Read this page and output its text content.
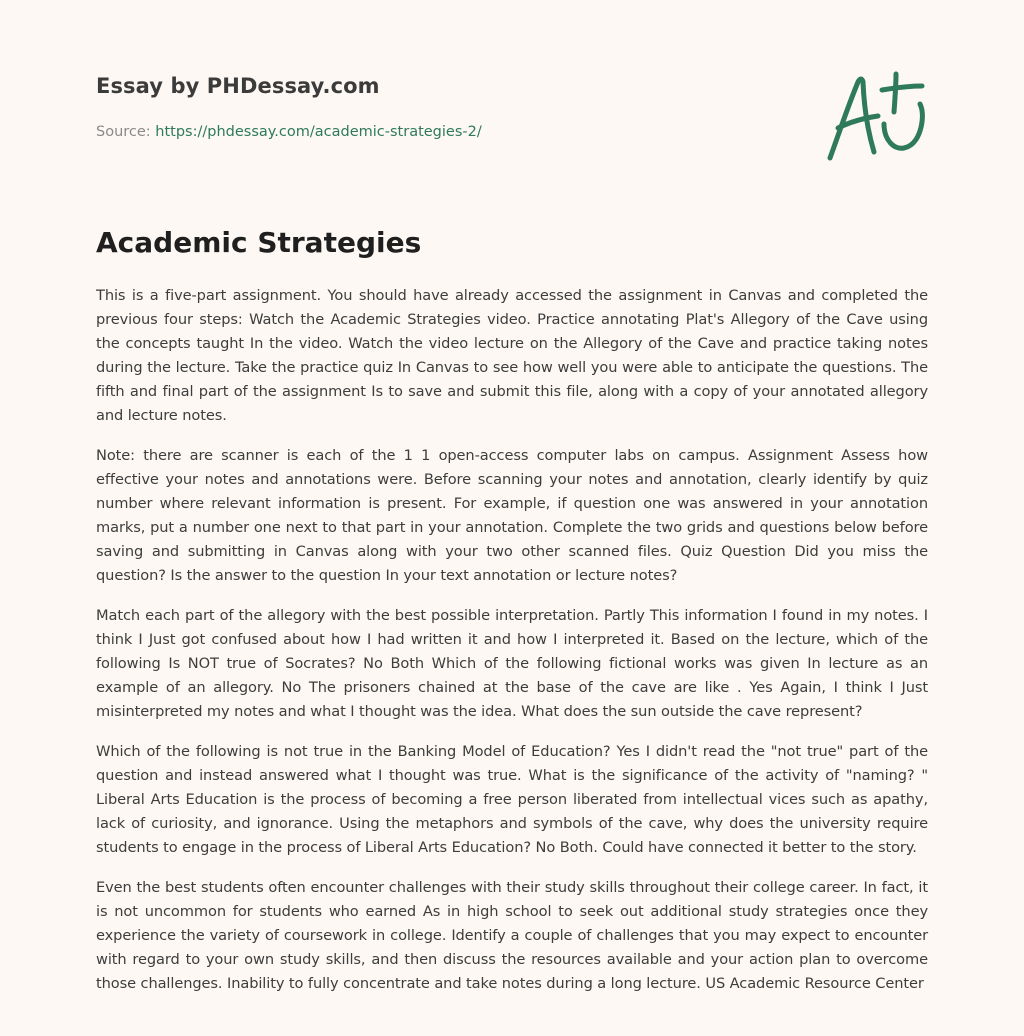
Essay by PHDessay.com

Source: https://phdessay.com/academic-strategies-2/

Academic Strategies

This is a five-part assignment. You should have already accessed the assignment in Canvas and completed the previous four steps: Watch the Academic Strategies video. Practice annotating Plat's Allegory of the Cave using the concepts taught In the video. Watch the video lecture on the Allegory of the Cave and practice taking notes during the lecture. Take the practice quiz In Canvas to see how well you were able to anticipate the questions. The fifth and final part of the assignment Is to save and submit this file, along with a copy of your annotated allegory and lecture notes.

Note: there are scanner is each of the 1 1 open-access computer labs on campus. Assignment Assess how effective your notes and annotations were. Before scanning your notes and annotation, clearly identify by quiz number where relevant information is present. For example, if question one was answered in your annotation marks, put a number one next to that part in your annotation. Complete the two grids and questions below before saving and submitting in Canvas along with your two other scanned files. Quiz Question Did you miss the question? Is the answer to the question In your text annotation or lecture notes?

Match each part of the allegory with the best possible interpretation. Partly This information I found in my notes. I think I Just got confused about how I had written it and how I interpreted it. Based on the lecture, which of the following Is NOT true of Socrates? No Both Which of the following fictional works was given In lecture as an example of an allegory. No The prisoners chained at the base of the cave are like . Yes Again, I think I Just misinterpreted my notes and what I thought was the idea. What does the sun outside the cave represent?

Which of the following is not true in the Banking Model of Education? Yes I didn't read the "not true" part of the question and instead answered what I thought was true. What is the significance of the activity of "naming? " Liberal Arts Education is the process of becoming a free person liberated from intellectual vices such as apathy, lack of curiosity, and ignorance. Using the metaphors and symbols of the cave, why does the university require students to engage in the process of Liberal Arts Education? No Both. Could have connected it better to the story.

Even the best students often encounter challenges with their study skills throughout their college career. In fact, it is not uncommon for students who earned As in high school to seek out additional study strategies once they experience the variety of coursework in college. Identify a couple of challenges that you may expect to encounter with regard to your own study skills, and then discuss the resources available and your action plan to overcome those challenges. Inability to fully concentrate and take notes during a long lecture. US Academic Resource Center
